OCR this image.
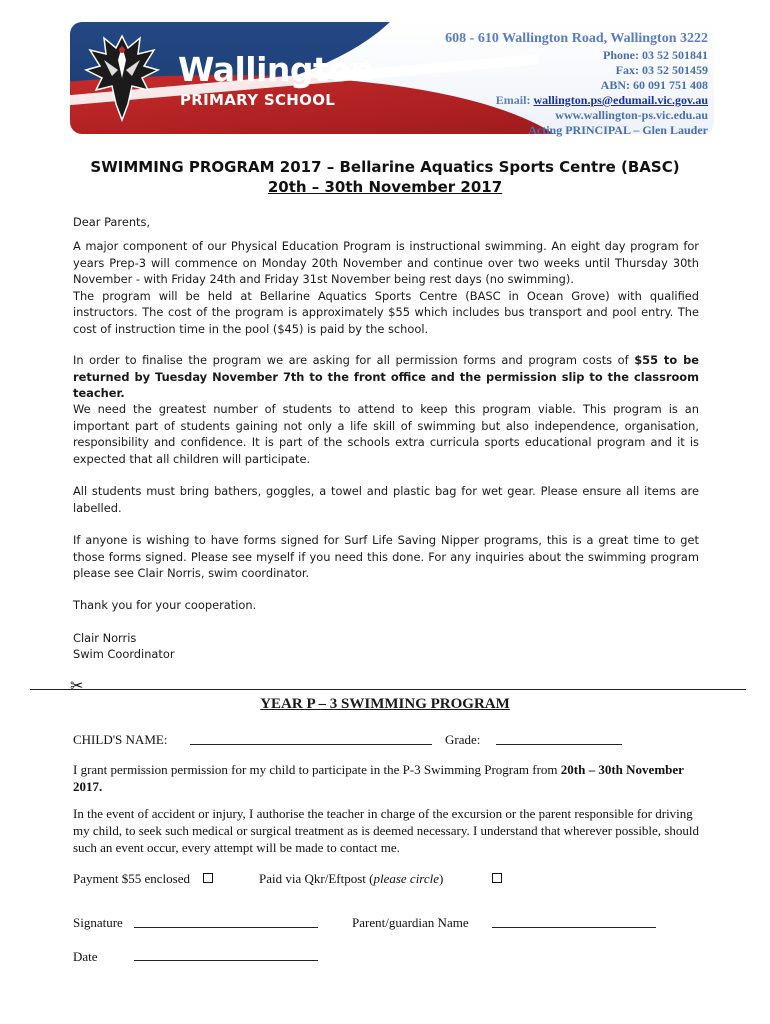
Wallington
PRIMARY SCHOOL
608 - 610 Wallington Road, Wallington 3222
Phone: 03 52 501841
Fax: 03 52 501459
ABN: 60 091 751 408
Email: wallington.ps@edumail.vic.gov.au
www.wallington-ps.vic.edu.au
Acting PRINCIPAL – Glen Lauder
SWIMMING PROGRAM 2017 – Bellarine Aquatics Sports Centre (BASC)
20th – 30th November 2017
Dear Parents,

A major component of our Physical Education Program is instructional swimming. An eight day program for years Prep-3 will commence on Monday 20th November and continue over two weeks until Thursday 30th November - with Friday 24th and Friday 31st November being rest days (no swimming).

The program will be held at Bellarine Aquatics Sports Centre (BASC in Ocean Grove) with qualified instructors. The cost of the program is approximately $55 which includes bus transport and pool entry. The cost of instruction time in the pool ($45) is paid by the school.

In order to finalise the program we are asking for all permission forms and program costs of $55 to be returned by Tuesday November 7th to the front office and the permission slip to the classroom teacher.

We need the greatest number of students to attend to keep this program viable. This program is an important part of students gaining not only a life skill of swimming but also independence, organisation, responsibility and confidence. It is part of the schools extra curricula sports educational program and it is expected that all children will participate.

All students must bring bathers, goggles, a towel and plastic bag for wet gear. Please ensure all items are labelled.

If anyone is wishing to have forms signed for Surf Life Saving Nipper programs, this is a great time to get those forms signed. Please see myself if you need this done. For any inquiries about the swimming program please see Clair Norris, swim coordinator.

Thank you for your cooperation.
Clair Norris
Swim Coordinator
✂
YEAR P – 3 SWIMMING PROGRAM
CHILD'S NAME:	Grade:

I grant permission permission for my child to participate in the P-3 Swimming Program from 20th – 30th November 2017.

In the event of accident or injury, I authorise the teacher in charge of the excursion or the parent responsible for driving my child, to seek such medical or surgical treatment as is deemed necessary. I understand that wherever possible, should such an event occur, every attempt will be made to contact me.

Payment $55 enclosed	Paid via Qkr/Eftpost (please circle)
Signature	Parent/guardian Name
Date
